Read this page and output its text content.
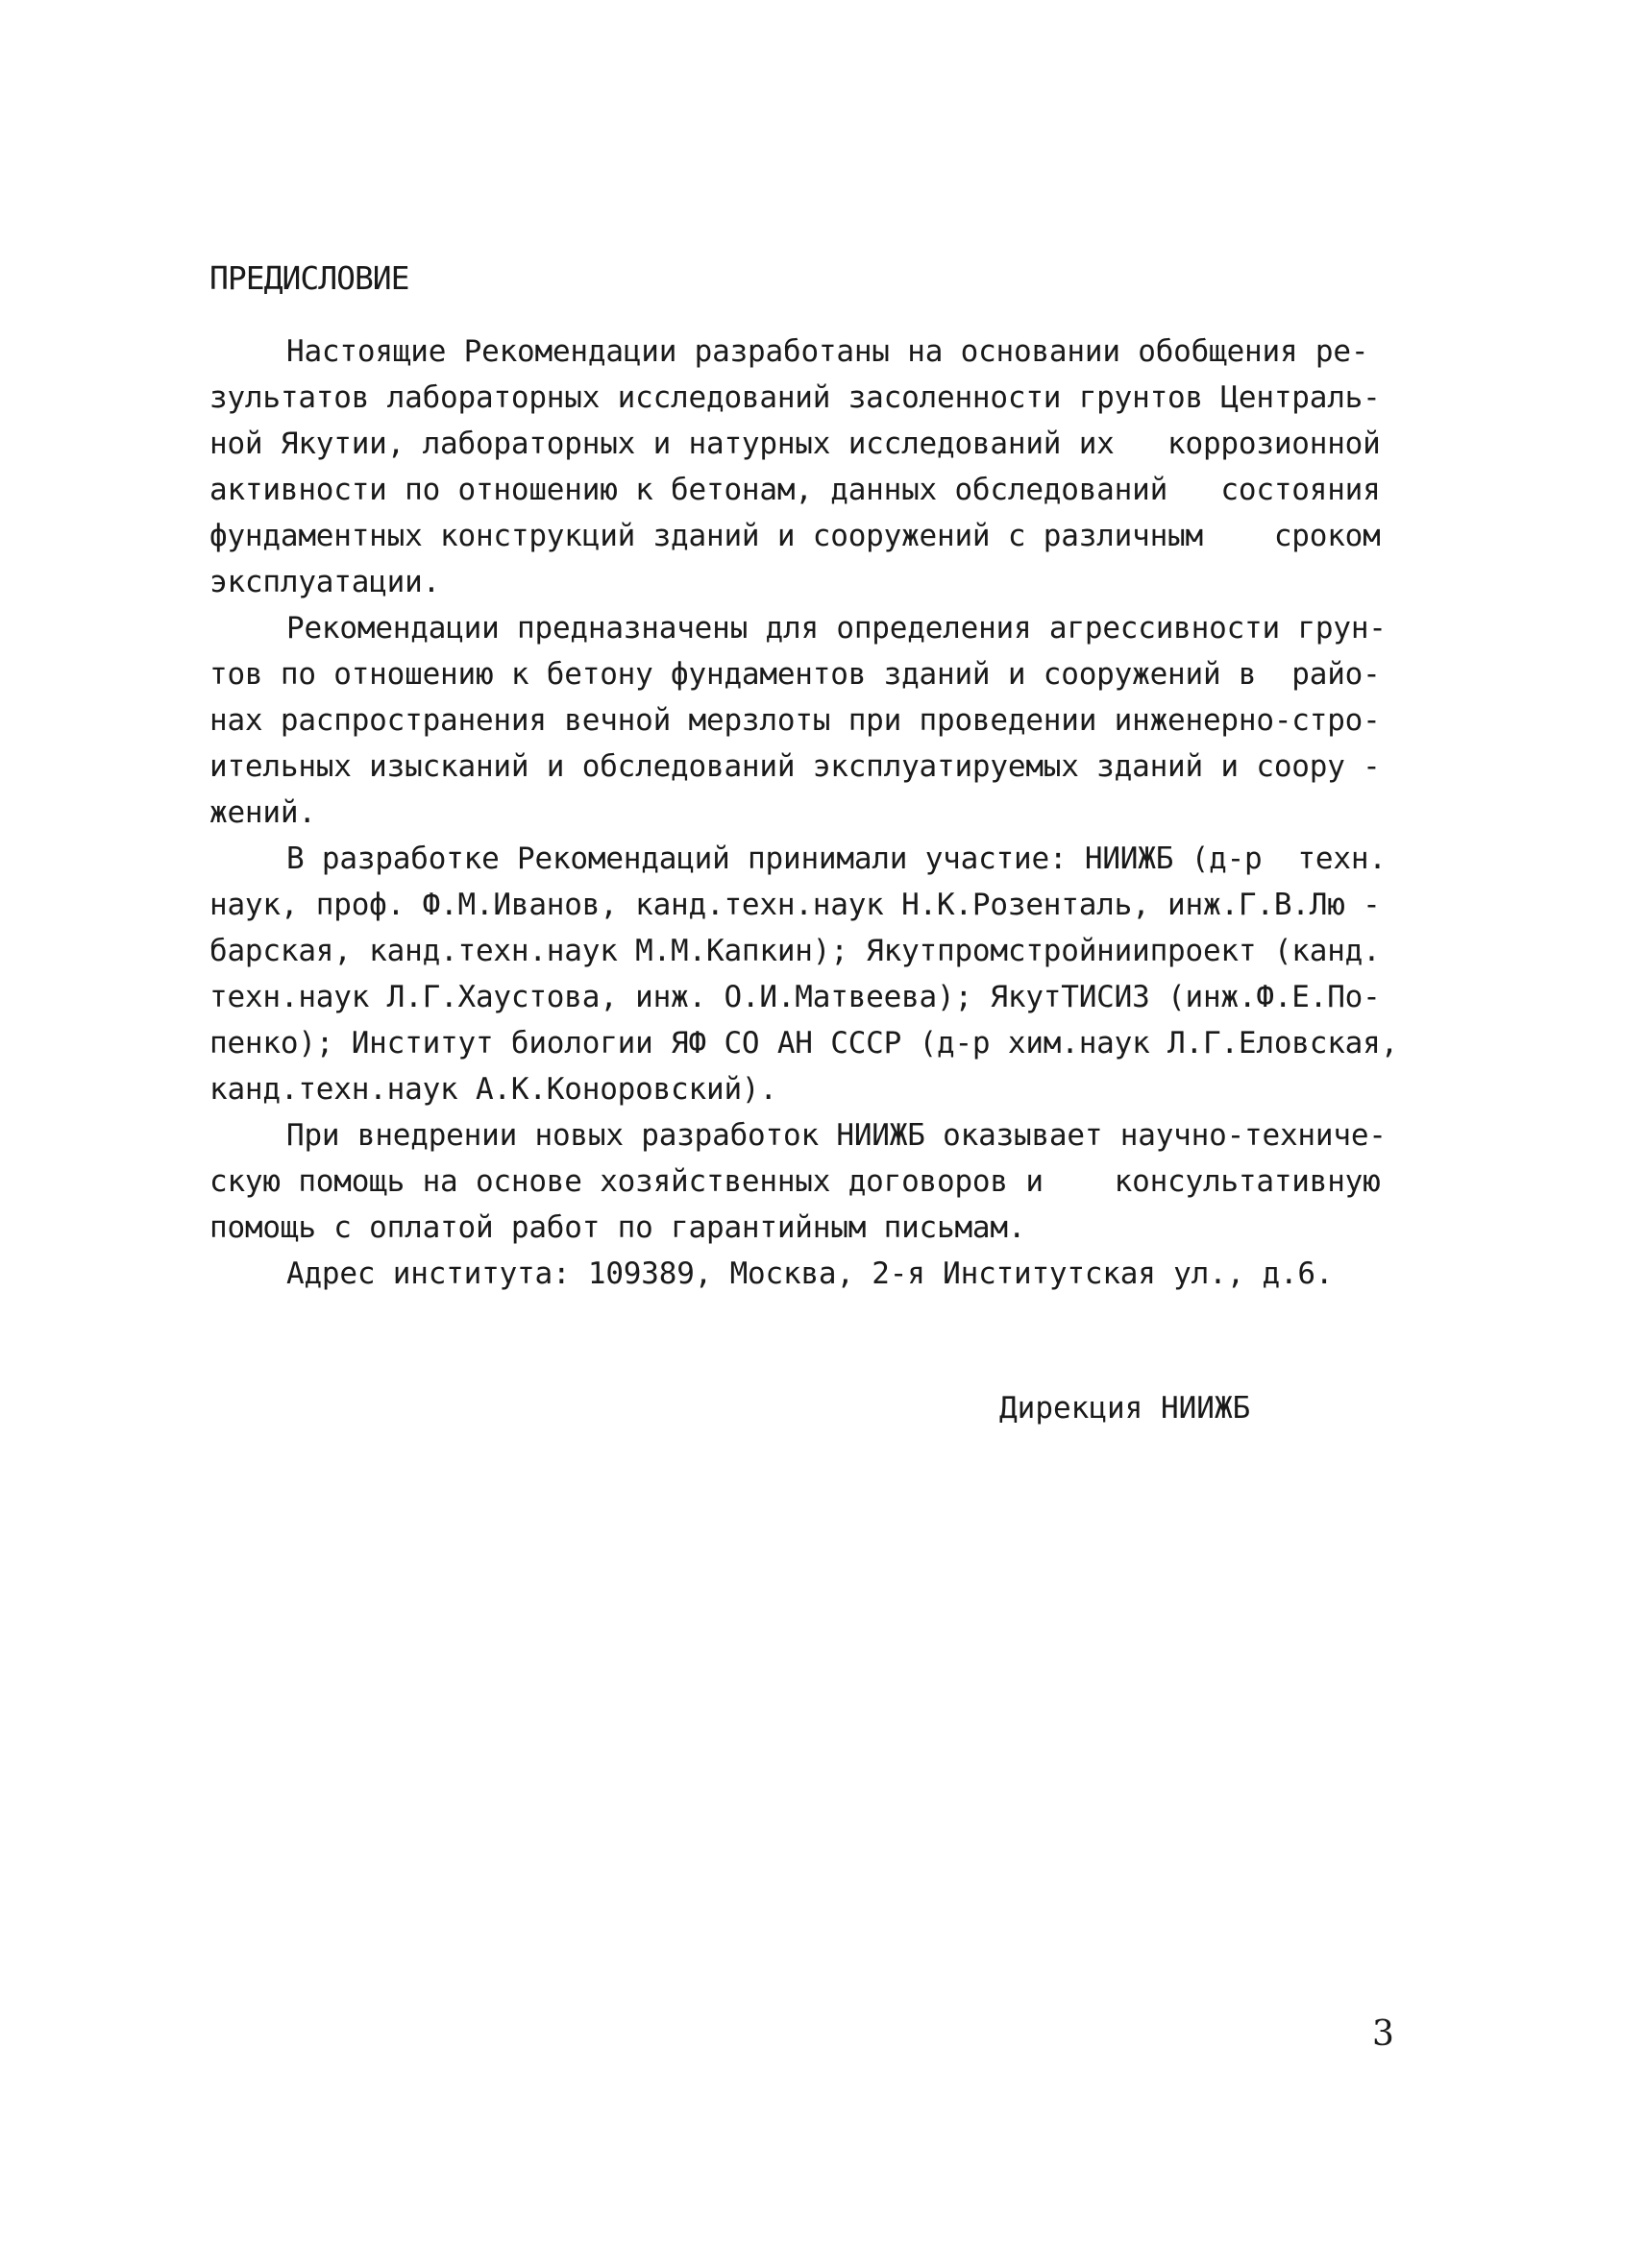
ПРЕДИСЛОВИЕ

Настоящие Рекомендации разработаны на основании обобщения ре-

зультатов лабораторных исследований засоленности грунтов Централь-

ной Якутии, лабораторных и натурных исследований их   коррозионной

активности по отношению к бетонам, данных обследований   состояния

фундаментных конструкций зданий и сооружений с различным    сроком

эксплуатации.

Рекомендации предназначены для определения агрессивности грун-

тов по отношению к бетону фундаментов зданий и сооружений в  райо-

нах распространения вечной мерзлоты при проведении инженерно-стро-

ительных изысканий и обследований эксплуатируемых зданий и соору -

жений.

В разработке Рекомендаций принимали участие: НИИЖБ (д-р  техн.

наук, проф. Ф.М.Иванов, канд.техн.наук Н.К.Розенталь, инж.Г.В.Лю -

барская, канд.техн.наук М.М.Капкин); Якутпромстройниипроект (канд.

техн.наук Л.Г.Хаустова, инж. О.И.Матвеева); ЯкутТИСИЗ (инж.Ф.Е.По-

пенко); Институт биологии ЯФ СО АН СССР (д-р хим.наук Л.Г.Еловская,

канд.техн.наук А.К.Коноровский).

При внедрении новых разработок НИИЖБ оказывает научно-техниче-

скую помощь на основе хозяйственных договоров и    консультативную

помощь с оплатой работ по гарантийным письмам.

Адрес института: 109389, Москва, 2-я Институтская ул., д.6.

Дирекция НИИЖБ
3
